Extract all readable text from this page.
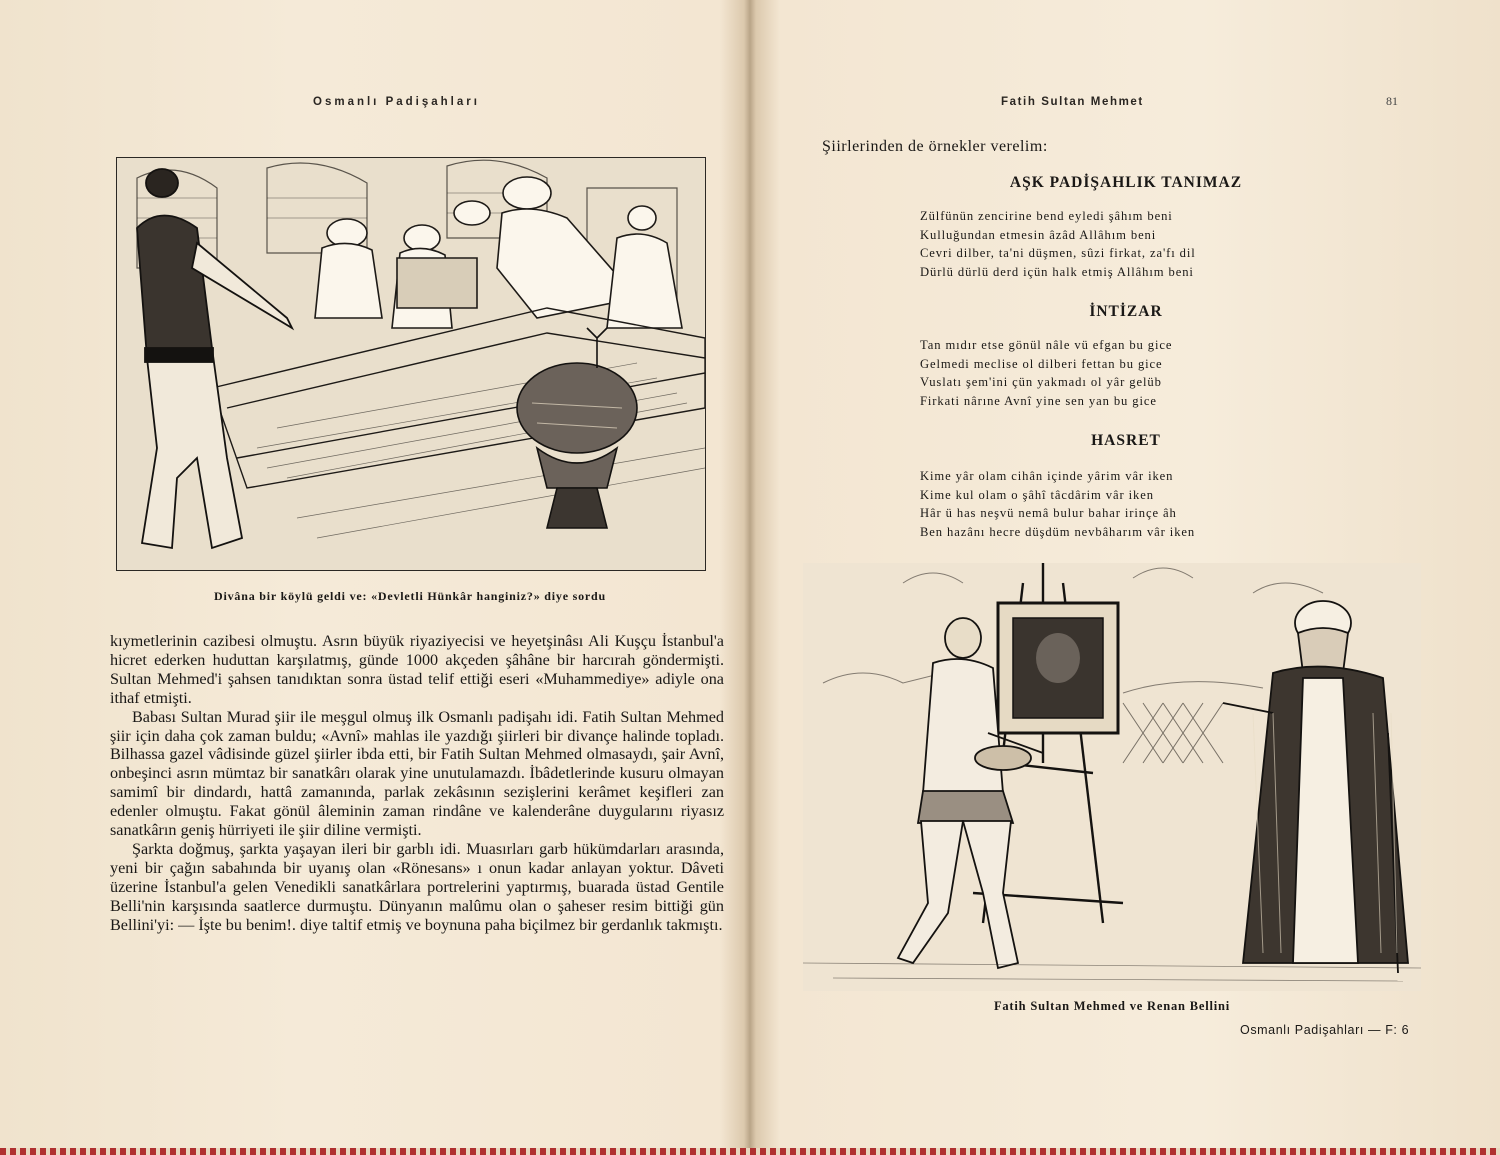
Osmanlı Padişahları
Divâna bir köylü geldi ve: «Devletli Hünkâr hanginiz?» diye sordu

kıymetlerinin cazibesi olmuştu. Asrın büyük riyaziyecisi ve heyetşinâsı Ali Kuşçu İstanbul'a hicret ederken huduttan karşılatmış, günde 1000 akçeden şâhâne bir harcırah göndermişti. Sultan Mehmed'i şahsen tanıdıktan sonra üstad telif ettiği eseri «Muhammediye» adiyle ona ithaf etmişti.

Babası Sultan Murad şiir ile meşgul olmuş ilk Osmanlı padişahı idi. Fatih Sultan Mehmed şiir için daha çok zaman buldu; «Avnî» mahlas ile yazdığı şiirleri bir divançe halinde topladı. Bilhassa gazel vâdisinde güzel şiirler ibda etti, bir Fatih Sultan Mehmed olmasaydı, şair Avnî, onbeşinci asrın mümtaz bir sanatkârı olarak yine unutulamazdı. İbâdetlerinde kusuru olmayan samimî bir dindardı, hattâ zamanında, parlak zekâsının sezişlerini kerâmet keşifleri zan edenler olmuştu. Fakat gönül âleminin zaman rindâne ve kalenderâne duygularını riyasız sanatkârın geniş hürriyeti ile şiir diline vermişti.

Şarkta doğmuş, şarkta yaşayan ileri bir garblı idi. Muasırları garb hükümdarları arasında, yeni bir çağın sabahında bir uyanış olan «Rönesans» ı onun kadar anlayan yoktur. Dâveti üzerine İstanbul'a gelen Venedikli sanatkârlara portrelerini yaptırmış, buarada üstad Gentile Belli'nin karşısında saatlerce durmuştu. Dünyanın malûmu olan o şaheser resim bittiği gün Bellini'yi: — İşte bu benim!. diye taltif etmiş ve boynuna paha biçilmez bir gerdanlık takmıştı.

Fatih Sultan Mehmet	81
Şiirlerinden de örnekler verelim:
AŞK PADİŞAHLIK TANIMAZ
Zülfünün zencirine bend eyledi şâhım beni
Kulluğundan etmesin âzâd Allâhım beni
Cevri dilber, ta'ni düşmen, sûzi firkat, za'fı dil
Dürlü dürlü derd içün halk etmiş Allâhım beni
İNTİZAR
Tan mıdır etse gönül nâle vü efgan bu gice
Gelmedi meclise ol dilberi fettan bu gice
Vuslatı şem'ini çün yakmadı ol yâr gelüb
Firkati nârıne Avnî yine sen yan bu gice
HASRET
Kime yâr olam cihân içinde yârim vâr iken
Kime kul olam o şâhî tâcdârim vâr iken
Hâr ü has neşvü nemâ bulur bahar irinçe âh
Ben hazânı hecre düşdüm nevbâharım vâr iken
Fatih Sultan Mehmed ve Renan Bellini
Osmanlı Padişahları — F: 6
